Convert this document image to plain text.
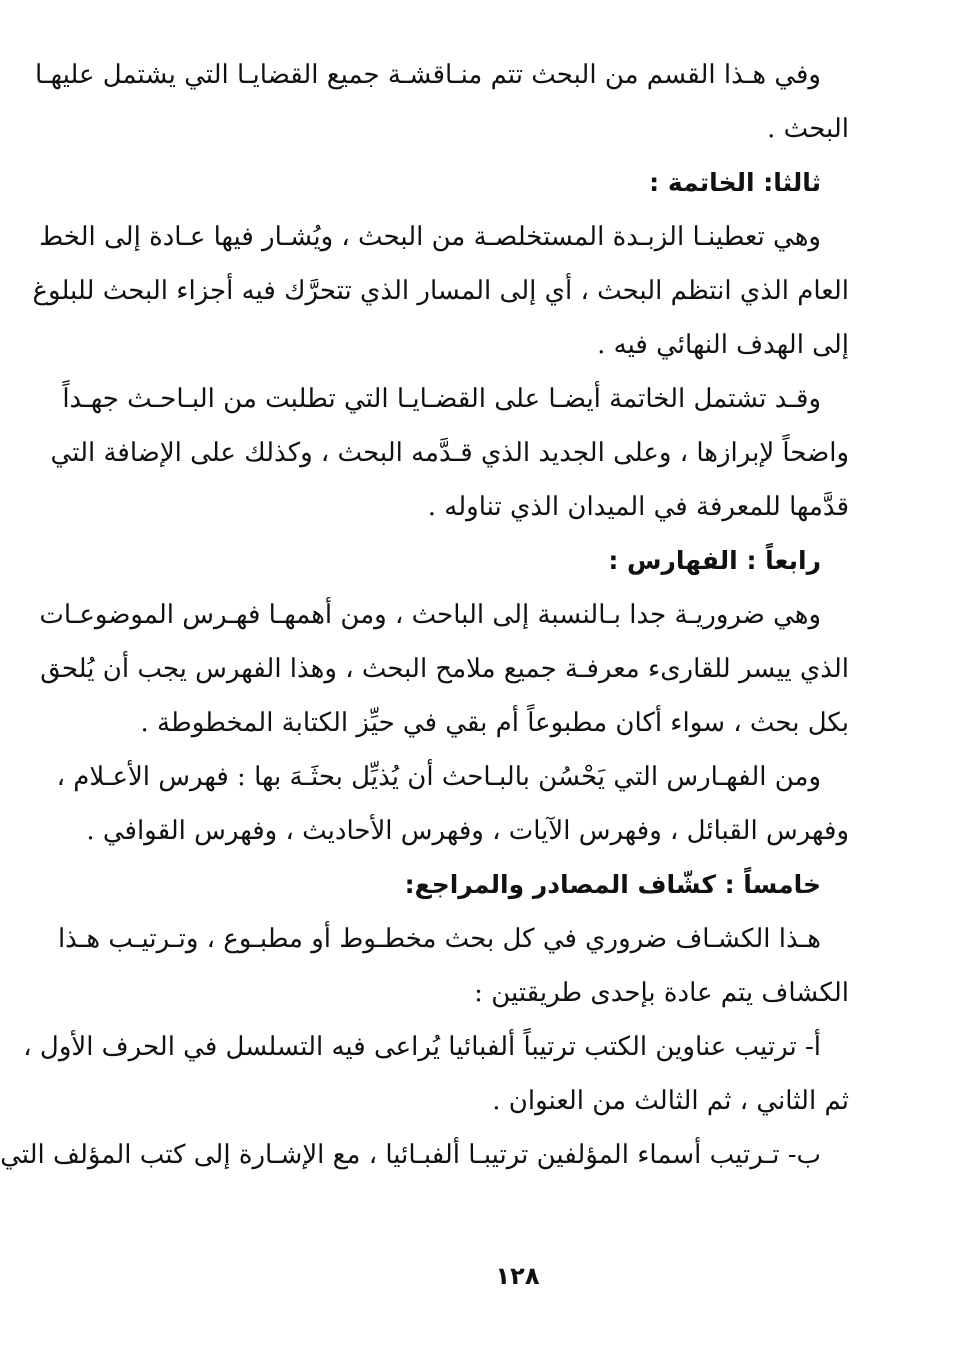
وفي هـذا القسم من البحث تتم منـاقشـة جميع القضايـا التي يشتمل عليهـا
البحث .
ثالثا: الخاتمة :
وهي تعطينـا الزبـدة المستخلصـة من البحث ، ويُشـار فيها عـادة إلى الخط
العام الذي انتظم البحث ، أي إلى المسار الذي تتحرَّك فيه أجزاء البحث للبلوغ
إلى الهدف النهائي فيه .
وقـد تشتمل الخاتمة أيضـا على القضـايـا التي تطلبت من البـاحـث جهـداً
واضحاً لإبرازها ، وعلى الجديد الذي قـدَّمه البحث ، وكذلك على الإضافة التي
قدَّمها للمعرفة في الميدان الذي تناوله .
رابعاً : الفهارس :
وهي ضروريـة جدا بـالنسبة إلى الباحث ، ومن أهمهـا فهـرس الموضوعـات
الذي ييسر للقارىء معرفـة جميع ملامح البحث ، وهذا الفهرس يجب أن يُلحق
بكل بحث ، سواء أكان مطبوعاً أم بقي في حيِّز الكتابة المخطوطة .
ومن الفهـارس التي يَحْسُن بالبـاحث أن يُذيِّل بحثَـهَ بها : فهرس الأعـلام ،
وفهرس القبائل ، وفهرس الآيات ، وفهرس الأحاديث ، وفهرس القوافي .
خامساً : كشّاف المصادر والمراجع:
هـذا الكشـاف ضروري في كل بحث مخطـوط أو مطبـوع ، وتـرتيـب هـذا
الكشاف يتم عادة بإحدى طريقتين :
أ- ترتيب عناوين الكتب ترتيباً ألفبائيا يُراعى فيه التسلسل في الحرف الأول ،
ثم الثاني ، ثم الثالث من العنوان .
ب- تـرتيب أسماء المؤلفين ترتيبـا ألفبـائيا ، مع الإشـارة إلى كتب المؤلف التي
١٢٨
